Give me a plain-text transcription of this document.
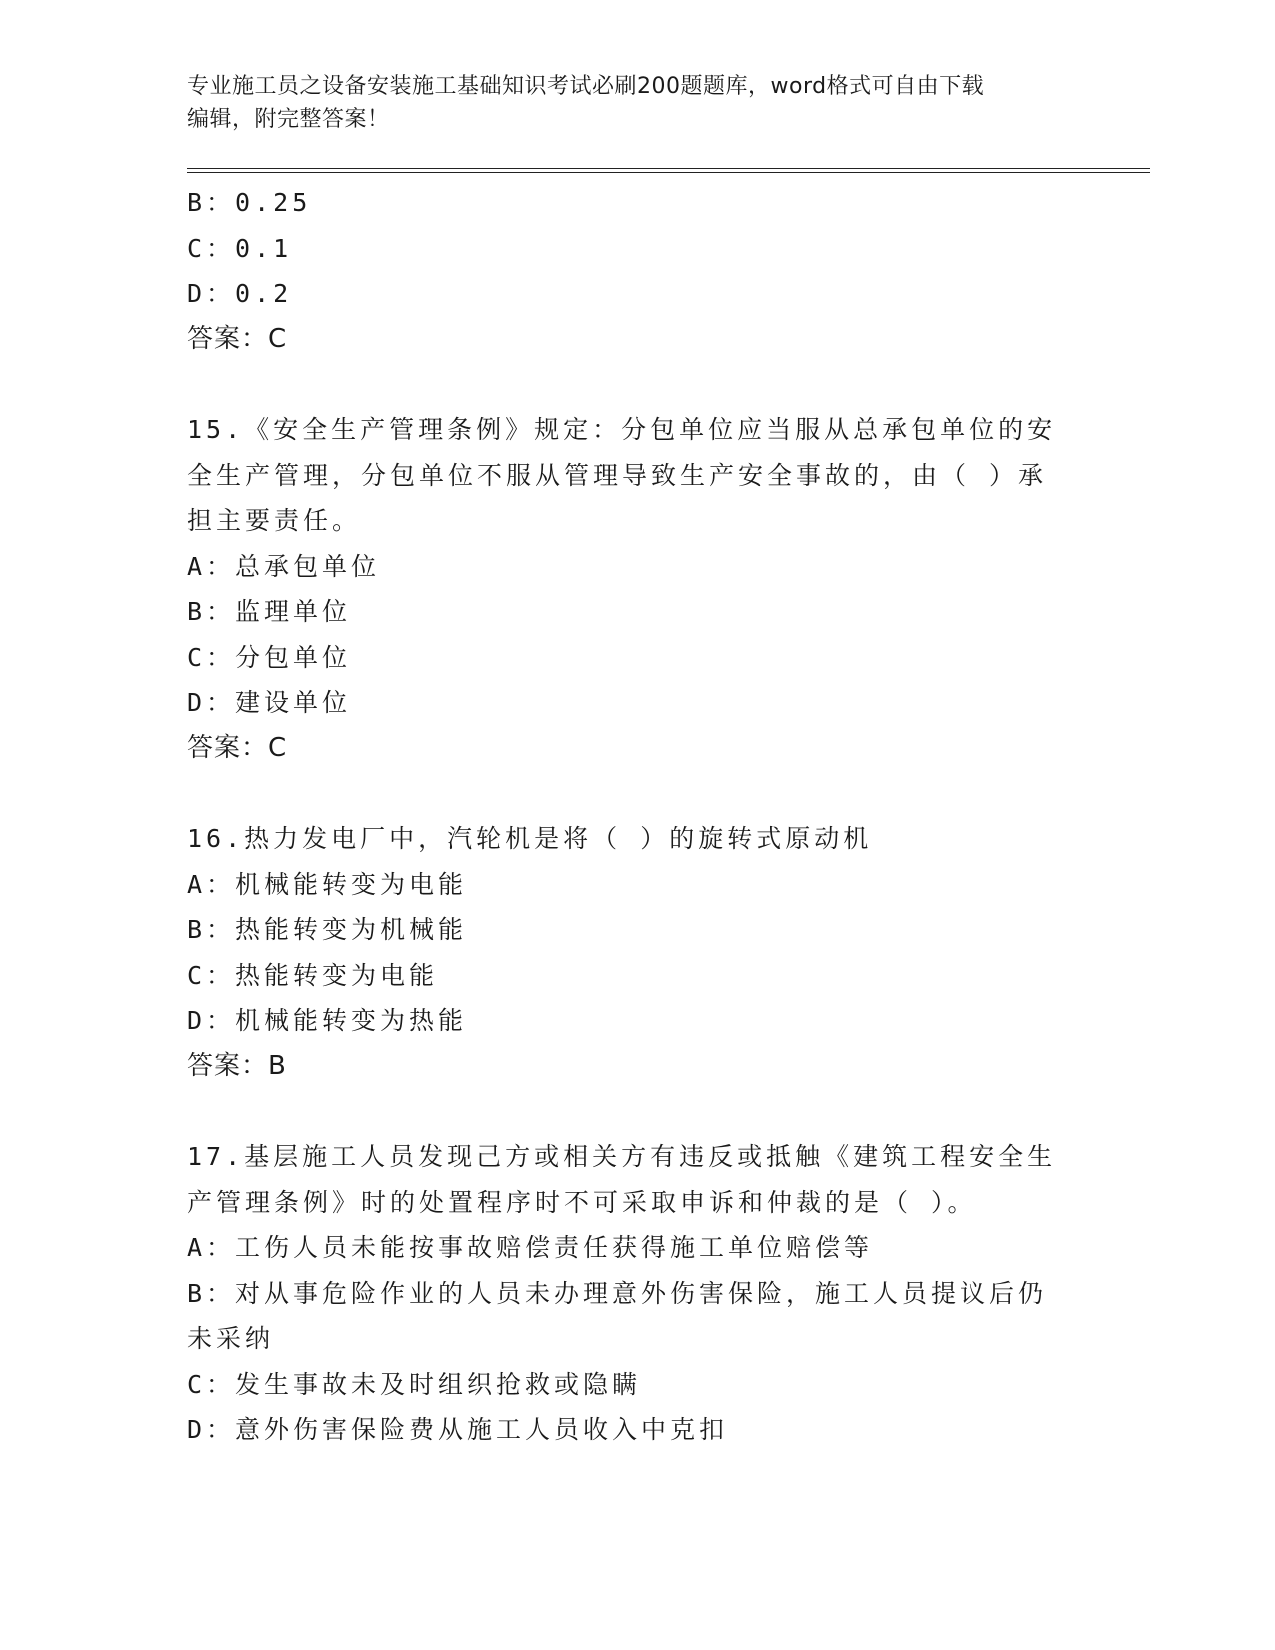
专业施工员之设备安装施工基础知识考试必刷200题题库，word格式可自由下载
编辑，附完整答案！
B：0.25
C：0.1
D：0.2
答案：C
15.《安全生产管理条例》规定：分包单位应当服从总承包单位的安全生产管理，分包单位不服从管理导致生产安全事故的，由（ ）承担主要责任。
A：总承包单位
B：监理单位
C：分包单位
D：建设单位
答案：C
16.热力发电厂中，汽轮机是将（ ）的旋转式原动机
A：机械能转变为电能
B：热能转变为机械能
C：热能转变为电能
D：机械能转变为热能
答案：B
17.基层施工人员发现己方或相关方有违反或抵触《建筑工程安全生产管理条例》时的处置程序时不可采取申诉和仲裁的是（ ）。
A：工伤人员未能按事故赔偿责任获得施工单位赔偿等
B：对从事危险作业的人员未办理意外伤害保险，施工人员提议后仍未采纳
C：发生事故未及时组织抢救或隐瞒
D：意外伤害保险费从施工人员收入中克扣
